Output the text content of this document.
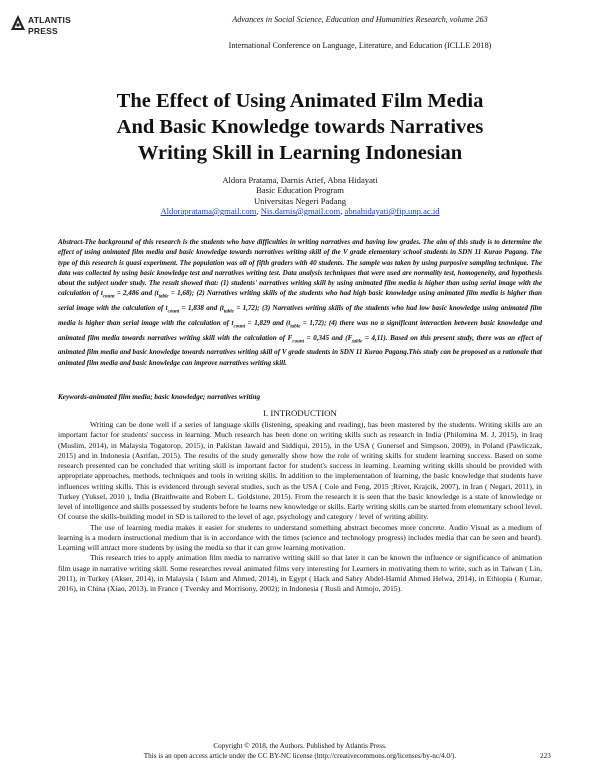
ATLANTIS
PRESS
Advances in Social Science, Education and Humanities Research, volume 263
International Conference on Language, Literature, and Education (ICLLE 2018)
The Effect of Using Animated Film Media
And Basic Knowledge towards Narratives
Writing Skill in Learning Indonesian
Aldora Pratama, Darnis Arief, Abna Hidayati
Basic Education Program
Universitas Negeri Padang
Aldorapratama@gmail.com, Nis.darnis@gmail.com, abnahidayati@fip.unp.ac.id
Abstract-The background of this research is the students who have difficulties in writing narratives and having low grades. The aim of this study is to determine the effect of using animated film media and basic knowledge towards narratives writing skill of the V grade elementary school students in SDN 11 Kurao Pagang. The type of this research is quasi experiment. The population was all of fifth graders with 40 students. The sample was taken by using purposive sampling technique. The data was collected by using basic knowledge test and narratives writing test. Data analysis techniques that were used are normality test, homogeneity, and hypothesis about the subject under study. The result showed that: (1) students' narratives writing skill by using animated film media is higher than using serial image with the calculation of $t_{count} = 2,486$ and $(t_{table} = 1,68)$; (2) Narratives writing skills of the students who had high basic knowledge using animated film media is higher than serial image with the calculation of $t_{count} = 1,838$ and $(t_{table} = 1,72)$; (3) Narratives writing skills of the students who had low basic knowledge using animated film media is higher than serial image with the calculation of $t_{count} = 1,829$ and $(t_{table} = 1,72)$; (4) there was no a significant interaction between basic knowledge and animated film media towards narratives writing skill with the calculation of $F_{count} = 0,345$ and $(F_{table} = 4,11)$. Based on this present study, there was an effect of animated film media and basic knowledge towards narratives writing skill of V grade students in SDN 11 Kurao Pagang.This study can be proposed as a rationale that animated film media and basic knowledge can improve narratives writing skill.
Keywords-animated film media; basic knowledge; narratives writing
I. INTRODUCTION

Writing can be done well if a series of language skills (listening, speaking and reading), has been mastered by the students. Writing skills are an important factor for students' success in learning. Much research has been done on writing skills such as research in India (Philomina M. J, 2015), in Iraq (Muslim, 2014), in Malaysia Togatorop, 2015), in Pakistan Jawaid and Siddiqui, 2015), in the USA ( Gunersel and Simpson, 2009), in Poland (Pawliczak, 2015) and in Indonesia (Asrifan, 2015). The results of the study generally show how the role of writing skills for student learning success. Based on some research presented can be concluded that writing skill is important factor for student's success in learning. Learning writing skills should be provided with appropriate approaches, methods, techniques and tools in writing skills. In addition to the implementation of learning, the basic knowledge that students have influences writing skills. This is evidenced through several studies, such as the USA ( Cole and Feng, 2015 ;Rivet, Krajcik, 2007), in Iran ( Negari, 2011), in Turkey (Yuksel, 2010 ), India (Braithwaite and Robert L. Goldstone, 2015). From the research it is seen that the basic knowledge is a state of knowledge or level of intelligence and skills possessed by students before he learns new knowledge or skills. Early writing skills can be started from elementary school level. Of course the skills-building model in SD is tailored to the level of age, psychology and category / level of writing ability.

The use of learning media makes it easier for students to understand something abstract becomes more concrete. Audio Visual as a medium of learning is a modern instructional medium that is in accordance with the times (science and technology progress) includes media that can be seen and heard). Learning will attract more students by using the media so that it can grow learning motivation.

This research tries to apply animation film media to narrative writing skill so that later it can be known the influence or significance of animation film usage in narrative writing skill. Some researches reveal animated films very interesting for Learners in motivating them to write, such as in Taiwan ( Lin, 2011), in Turkey (Akser, 2014), in Malaysia ( Islam and Ahmed, 2014), in Egypt ( Hack and Sabry Abdel-Hamid Ahmed Helwa, 2014), in Ethiopia ( Kumar, 2016), in China (Xiao, 2013), in France ( Tversky and Morrisony, 2002); in Indonesia ( Rusli and Atmojo, 2015).

Copyright © 2018, the Authors. Published by Atlantis Press.
This is an open access article under the CC BY-NC license (http://creativecommons.org/licenses/by-nc/4.0/).	223
